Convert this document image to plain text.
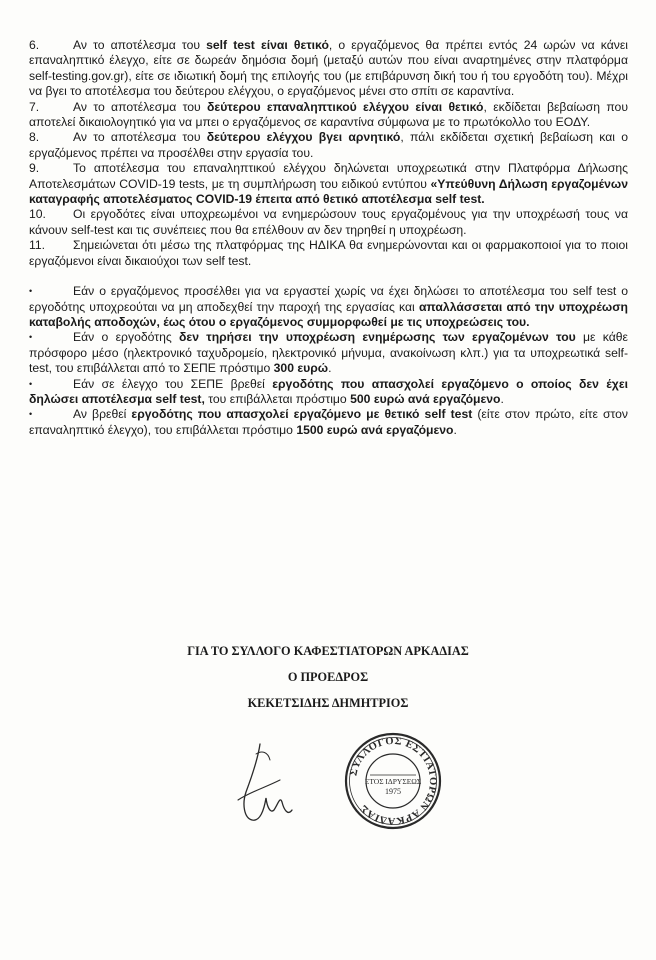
6.	Αν το αποτέλεσμα του self test είναι θετικό, ο εργαζόμενος θα πρέπει εντός 24 ωρών να κάνει επαναληπτικό έλεγχο, είτε σε δωρεάν δημόσια δομή (μεταξύ αυτών που είναι αναρτημένες στην πλατφόρμα self-testing.gov.gr), είτε σε ιδιωτική δομή της επιλογής του (με επιβάρυνση δική του ή του εργοδότη του). Μέχρι να βγει το αποτέλεσμα του δεύτερου ελέγχου, ο εργαζόμενος μένει στο σπίτι σε καραντίνα.

7.	Αν το αποτέλεσμα του δεύτερου επαναληπτικού ελέγχου είναι θετικό, εκδίδεται βεβαίωση που αποτελεί δικαιολογητικό για να μπει ο εργαζόμενος σε καραντίνα σύμφωνα με το πρωτόκολλο του ΕΟΔΥ.

8.	Αν το αποτέλεσμα του δεύτερου ελέγχου βγει αρνητικό, πάλι εκδίδεται σχετική βεβαίωση και ο εργαζόμενος πρέπει να προσέλθει στην εργασία του.

9.	Το αποτέλεσμα του επαναληπτικού ελέγχου δηλώνεται υποχρεωτικά στην Πλατφόρμα Δήλωσης Αποτελεσμάτων COVID-19 tests, με τη συμπλήρωση του ειδικού εντύπου «Υπεύθυνη Δήλωση εργαζομένων καταγραφής αποτελέσματος COVID-19 έπειτα από θετικό αποτέλεσμα self test.

10. Οι εργοδότες είναι υποχρεωμένοι να ενημερώσουν τους εργαζομένους για την υποχρέωσή τους να κάνουν self-test και τις συνέπειες που θα επέλθουν αν δεν τηρηθεί η υποχρέωση.

11. Σημειώνεται ότι μέσω της πλατφόρμας της ΗΔΙΚΑ θα ενημερώνονται και οι φαρμακοποιοί για το ποιοι εργαζόμενοι είναι δικαιούχοι των self test.

•	Εάν ο εργαζόμενος προσέλθει για να εργαστεί χωρίς να έχει δηλώσει το αποτέλεσμα του self test ο εργοδότης υποχρεούται να μη αποδεχθεί την παροχή της εργασίας και απαλλάσσεται από την υποχρέωση καταβολής αποδοχών, έως ότου ο εργαζόμενος συμμορφωθεί με τις υποχρεώσεις του.

•	Εάν ο εργοδότης δεν τηρήσει την υποχρέωση ενημέρωσης των εργαζομένων του με κάθε πρόσφορο μέσο (ηλεκτρονικό ταχυδρομείο, ηλεκτρονικό μήνυμα, ανακοίνωση κλπ.) για τα υποχρεωτικά self-test, του επιβάλλεται από το ΣΕΠΕ πρόστιμο 300 ευρώ.

•	Εάν σε έλεγχο του ΣΕΠΕ βρεθεί εργοδότης που απασχολεί εργαζόμενο ο οποίος δεν έχει δηλώσει αποτέλεσμα self test, του επιβάλλεται πρόστιμο 500 ευρώ ανά εργαζόμενο.

•	Αν βρεθεί εργοδότης που απασχολεί εργαζόμενο με θετικό self test (είτε στον πρώτο, είτε στον επαναληπτικό έλεγχο), του επιβάλλεται πρόστιμο 1500 ευρώ ανά εργαζόμενο.

ΓΙΑ ΤΟ ΣΥΛΛΟΓΟ ΚΑΦΕΣΤΙΑΤΟΡΩΝ ΑΡΚΑΔΙΑΣ
Ο ΠΡΟΕΔΡΟΣ
ΚΕΚΕΤΣΙΔΗΣ ΔΗΜΗΤΡΙΟΣ
ΣΥΛΛΟΓΟΣ ΕΣΤΙΑΤΟΡΩΝ ΑΡΚΑΔΙΑΣ
ΕΤΟΣ ΙΔΡΥΣΕΩΣ
1975
